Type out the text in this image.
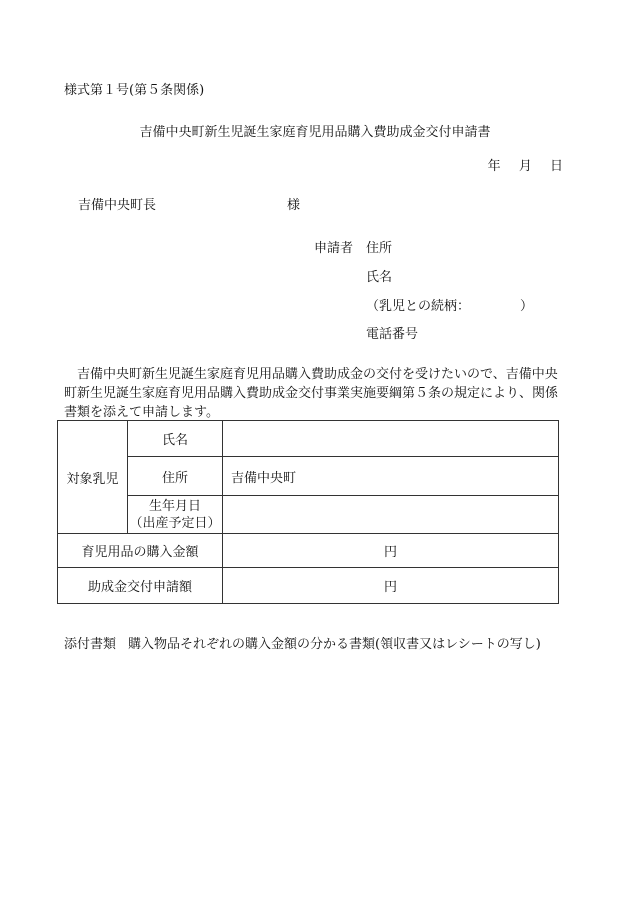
様式第１号(第５条関係)
吉備中央町新生児誕生家庭育児用品購入費助成金交付申請書
年 月 日
吉備中央町長	様
申請者 住所
氏名
（乳児との続柄：	）
電話番号
吉備中央町新生児誕生家庭育児用品購入費助成金の交付を受けたいので、吉備中央町新生児誕生家庭育児用品購入費助成金交付事業実施要綱第５条の規定により、関係書類を添えて申請します。
対象乳児	氏名	
	住所	吉備中央町

	生年月日
（出産予定日）	

育児用品の購入金額		円
助成金交付申請額		円
添付書類 購入物品それぞれの購入金額の分かる書類(領収書又はレシートの写し)
